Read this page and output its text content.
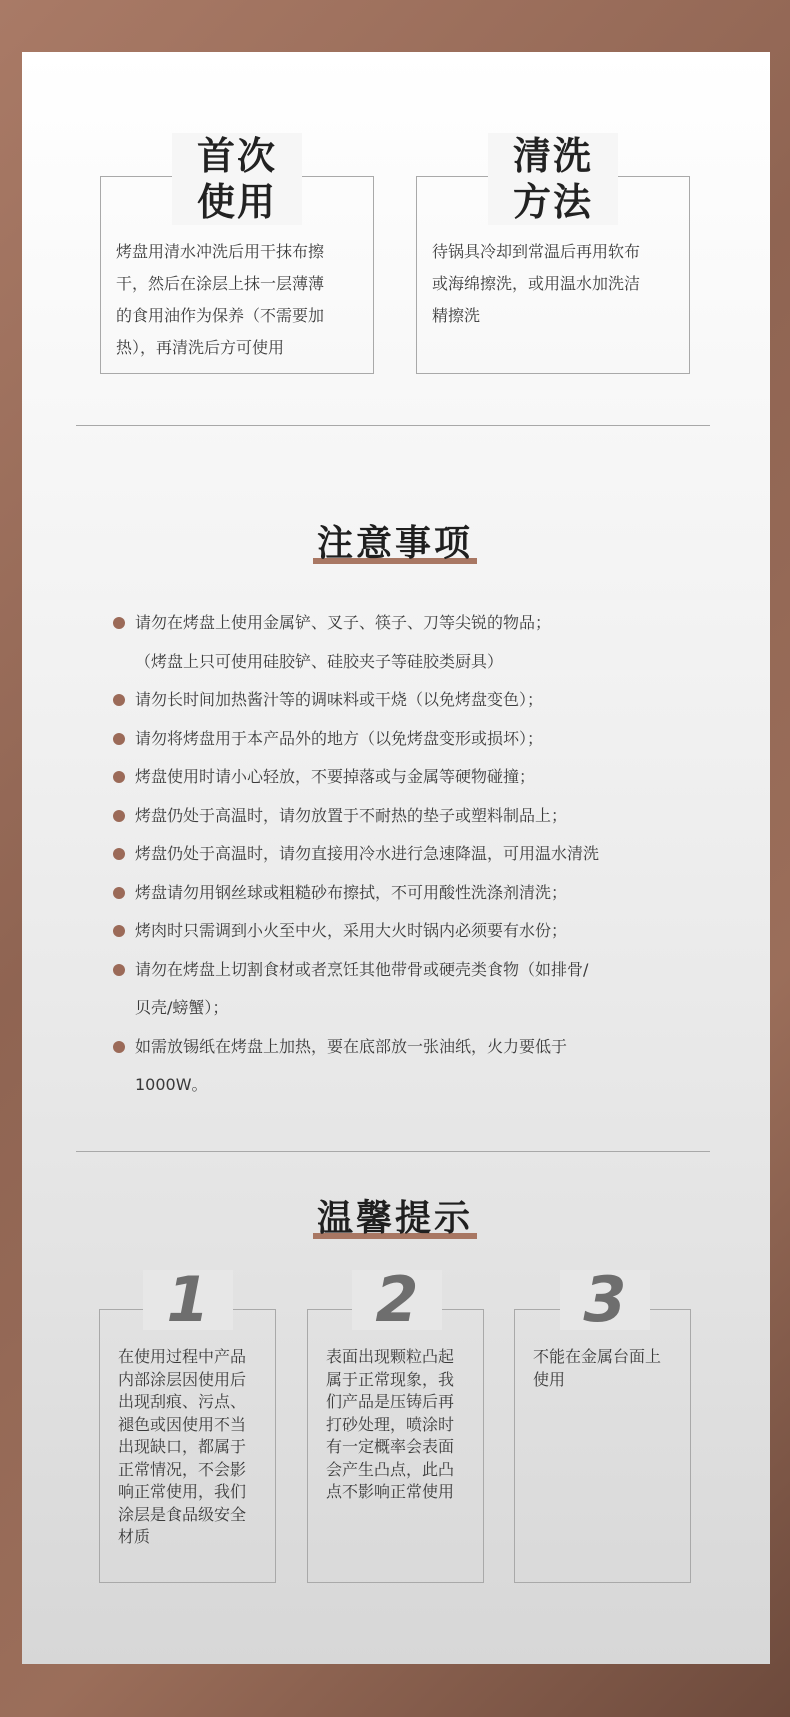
首次
使用
烤盘用清水冲洗后用干抹布擦
干，然后在涂层上抹一层薄薄
的食用油作为保养（不需要加
热），再清洗后方可使用
清洗
方法
待锅具冷却到常温后再用软布
或海绵擦洗，或用温水加洗洁
精擦洗
注意事项
请勿在烤盘上使用金属铲、叉子、筷子、刀等尖锐的物品；
（烤盘上只可使用硅胶铲、硅胶夹子等硅胶类厨具）
请勿长时间加热酱汁等的调味料或干烧（以免烤盘变色）；
请勿将烤盘用于本产品外的地方（以免烤盘变形或损坏）；
烤盘使用时请小心轻放，不要掉落或与金属等硬物碰撞；
烤盘仍处于高温时，请勿放置于不耐热的垫子或塑料制品上；
烤盘仍处于高温时，请勿直接用冷水进行急速降温，可用温水清洗
烤盘请勿用钢丝球或粗糙砂布擦拭，不可用酸性洗涤剂清洗；
烤肉时只需调到小火至中火，采用大火时锅内必须要有水份；
请勿在烤盘上切割食材或者烹饪其他带骨或硬壳类食物（如排骨/
贝壳/螃蟹）；
如需放锡纸在烤盘上加热，要在底部放一张油纸，火力要低于
1000W。
温馨提示
1
在使用过程中产品内部涂层因使用后出现刮痕、污点、褪色或因使用不当出现缺口，都属于正常情况，不会影响正常使用，我们涂层是食品级安全材质
2
表面出现颗粒凸起属于正常现象，我们产品是压铸后再打砂处理，喷涂时有一定概率会表面会产生凸点，此凸点不影响正常使用
3
不能在金属台面上使用
